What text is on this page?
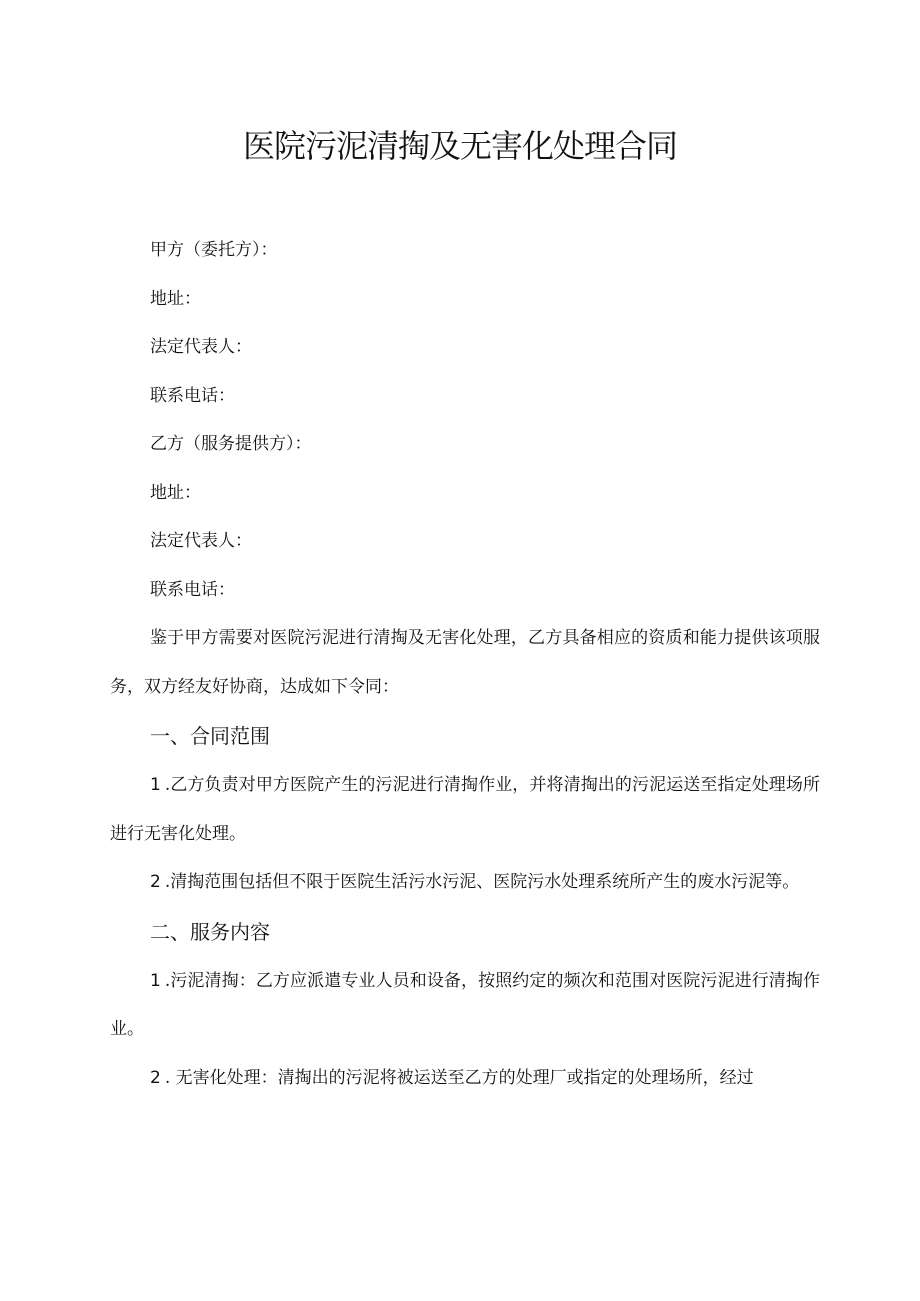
医院污泥清掏及无害化处理合同

甲方（委托方）：

地址：

法定代表人：

联系电话：

乙方（服务提供方）：

地址：

法定代表人：

联系电话：

鉴于甲方需要对医院污泥进行清掏及无害化处理，乙方具备相应的资质和能力提供该项服务，双方经友好协商，达成如下令同：

一、合同范围

1 .乙方负责对甲方医院产生的污泥进行清掏作业，并将清掏出的污泥运送至指定处理场所进行无害化处理。

2 .清掏范围包括但不限于医院生活污水污泥、医院污水处理系统所产生的废水污泥等。

二、服务内容

1 .污泥清掏：乙方应派遣专业人员和设备，按照约定的频次和范围对医院污泥进行清掏作业。

2 . 无害化处理：清掏出的污泥将被运送至乙方的处理厂或指定的处理场所，经过
